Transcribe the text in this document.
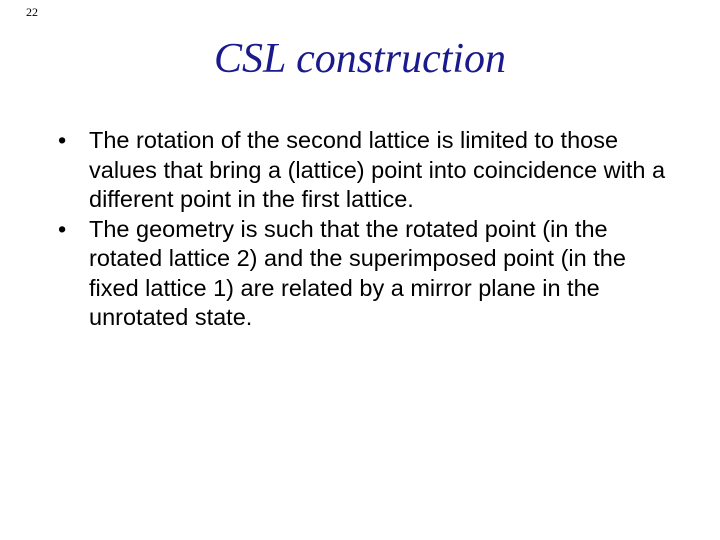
22
CSL construction
• The rotation of the second lattice is limited to those values that bring a (lattice) point into coincidence with a different point in the first lattice.
• The geometry is such that the rotated point (in the rotated lattice 2) and the superimposed point (in the fixed lattice 1) are related by a mirror plane in the unrotated state.
